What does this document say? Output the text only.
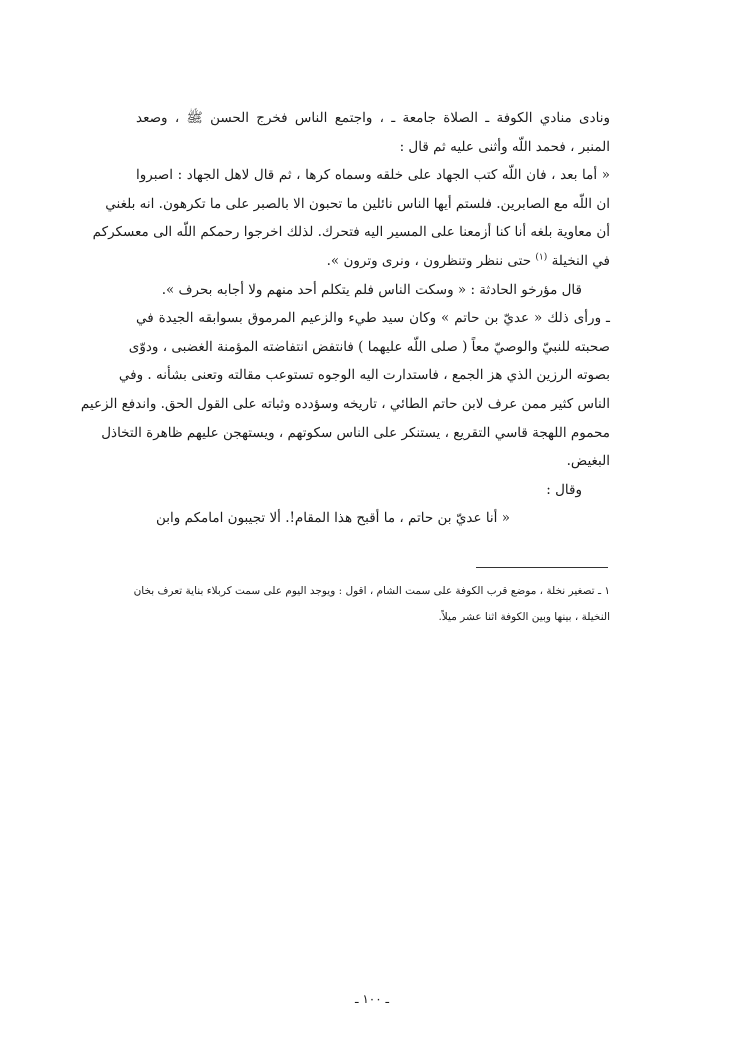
ونادى منادي الكوفة ـ الصلاة جامعة ـ ، واجتمع الناس فخرج الحسن ﷺ ، وصعد
المنبر ، فحمد اللّه وأثنى عليه ثم قال :
« أما بعد ، فان اللّه كتب الجهاد على خلقه وسماه كرها ، ثم قال لاهل الجهاد : اصبروا
ان اللّه مع الصابرين. فلستم أيها الناس نائلين ما تحبون الا بالصبر على ما تكرهون. انه بلغني
أن معاوية بلغه أنا كنا أزمعنا على المسير اليه فتحرك. لذلك اخرجوا رحمكم اللّه الى معسكركم
في النخيلة $^{(١)}$ حتى ننظر وتنظرون ، ونرى وترون ».
قال مؤرخو الحادثة : « وسكت الناس فلم يتكلم أحد منهم ولا أجابه بحرف ».
ـ ورأى ذلك « عديّ بن حاتم » وكان سيد طيء والزعيم المرموق بسوابقه الجيدة في
صحبته للنبيّ والوصيّ معاً ( صلى اللّه عليهما ) فانتفض انتفاضته المؤمنة الغضبى ، ودوّى
بصوته الرزين الذي هز الجمع ، فاستدارت اليه الوجوه تستوعب مقالته وتعنى بشأنه . وفي
الناس كثير ممن عرف لابن حاتم الطائي ، تاريخه وسؤدده وثباته على القول الحق. واندفع الزعيم
محموم اللهجة قاسي التقريع ، يستنكر على الناس سكوتهم ، ويستهجن عليهم ظاهرة التخاذل
البغيض.
وقال :
« أنا عديّ بن حاتم ، ما أقبح هذا المقام!. ألا تجيبون امامكم وابن
١ ـ تصغير نخلة ، موضع قرب الكوفة على سمت الشام ، اقول : ويوجد اليوم على سمت كربلاء بناية تعرف بخان
النخيلة ، بينها وبين الكوفة اثنا عشر ميلاً.
ـ ١٠٠ ـ
